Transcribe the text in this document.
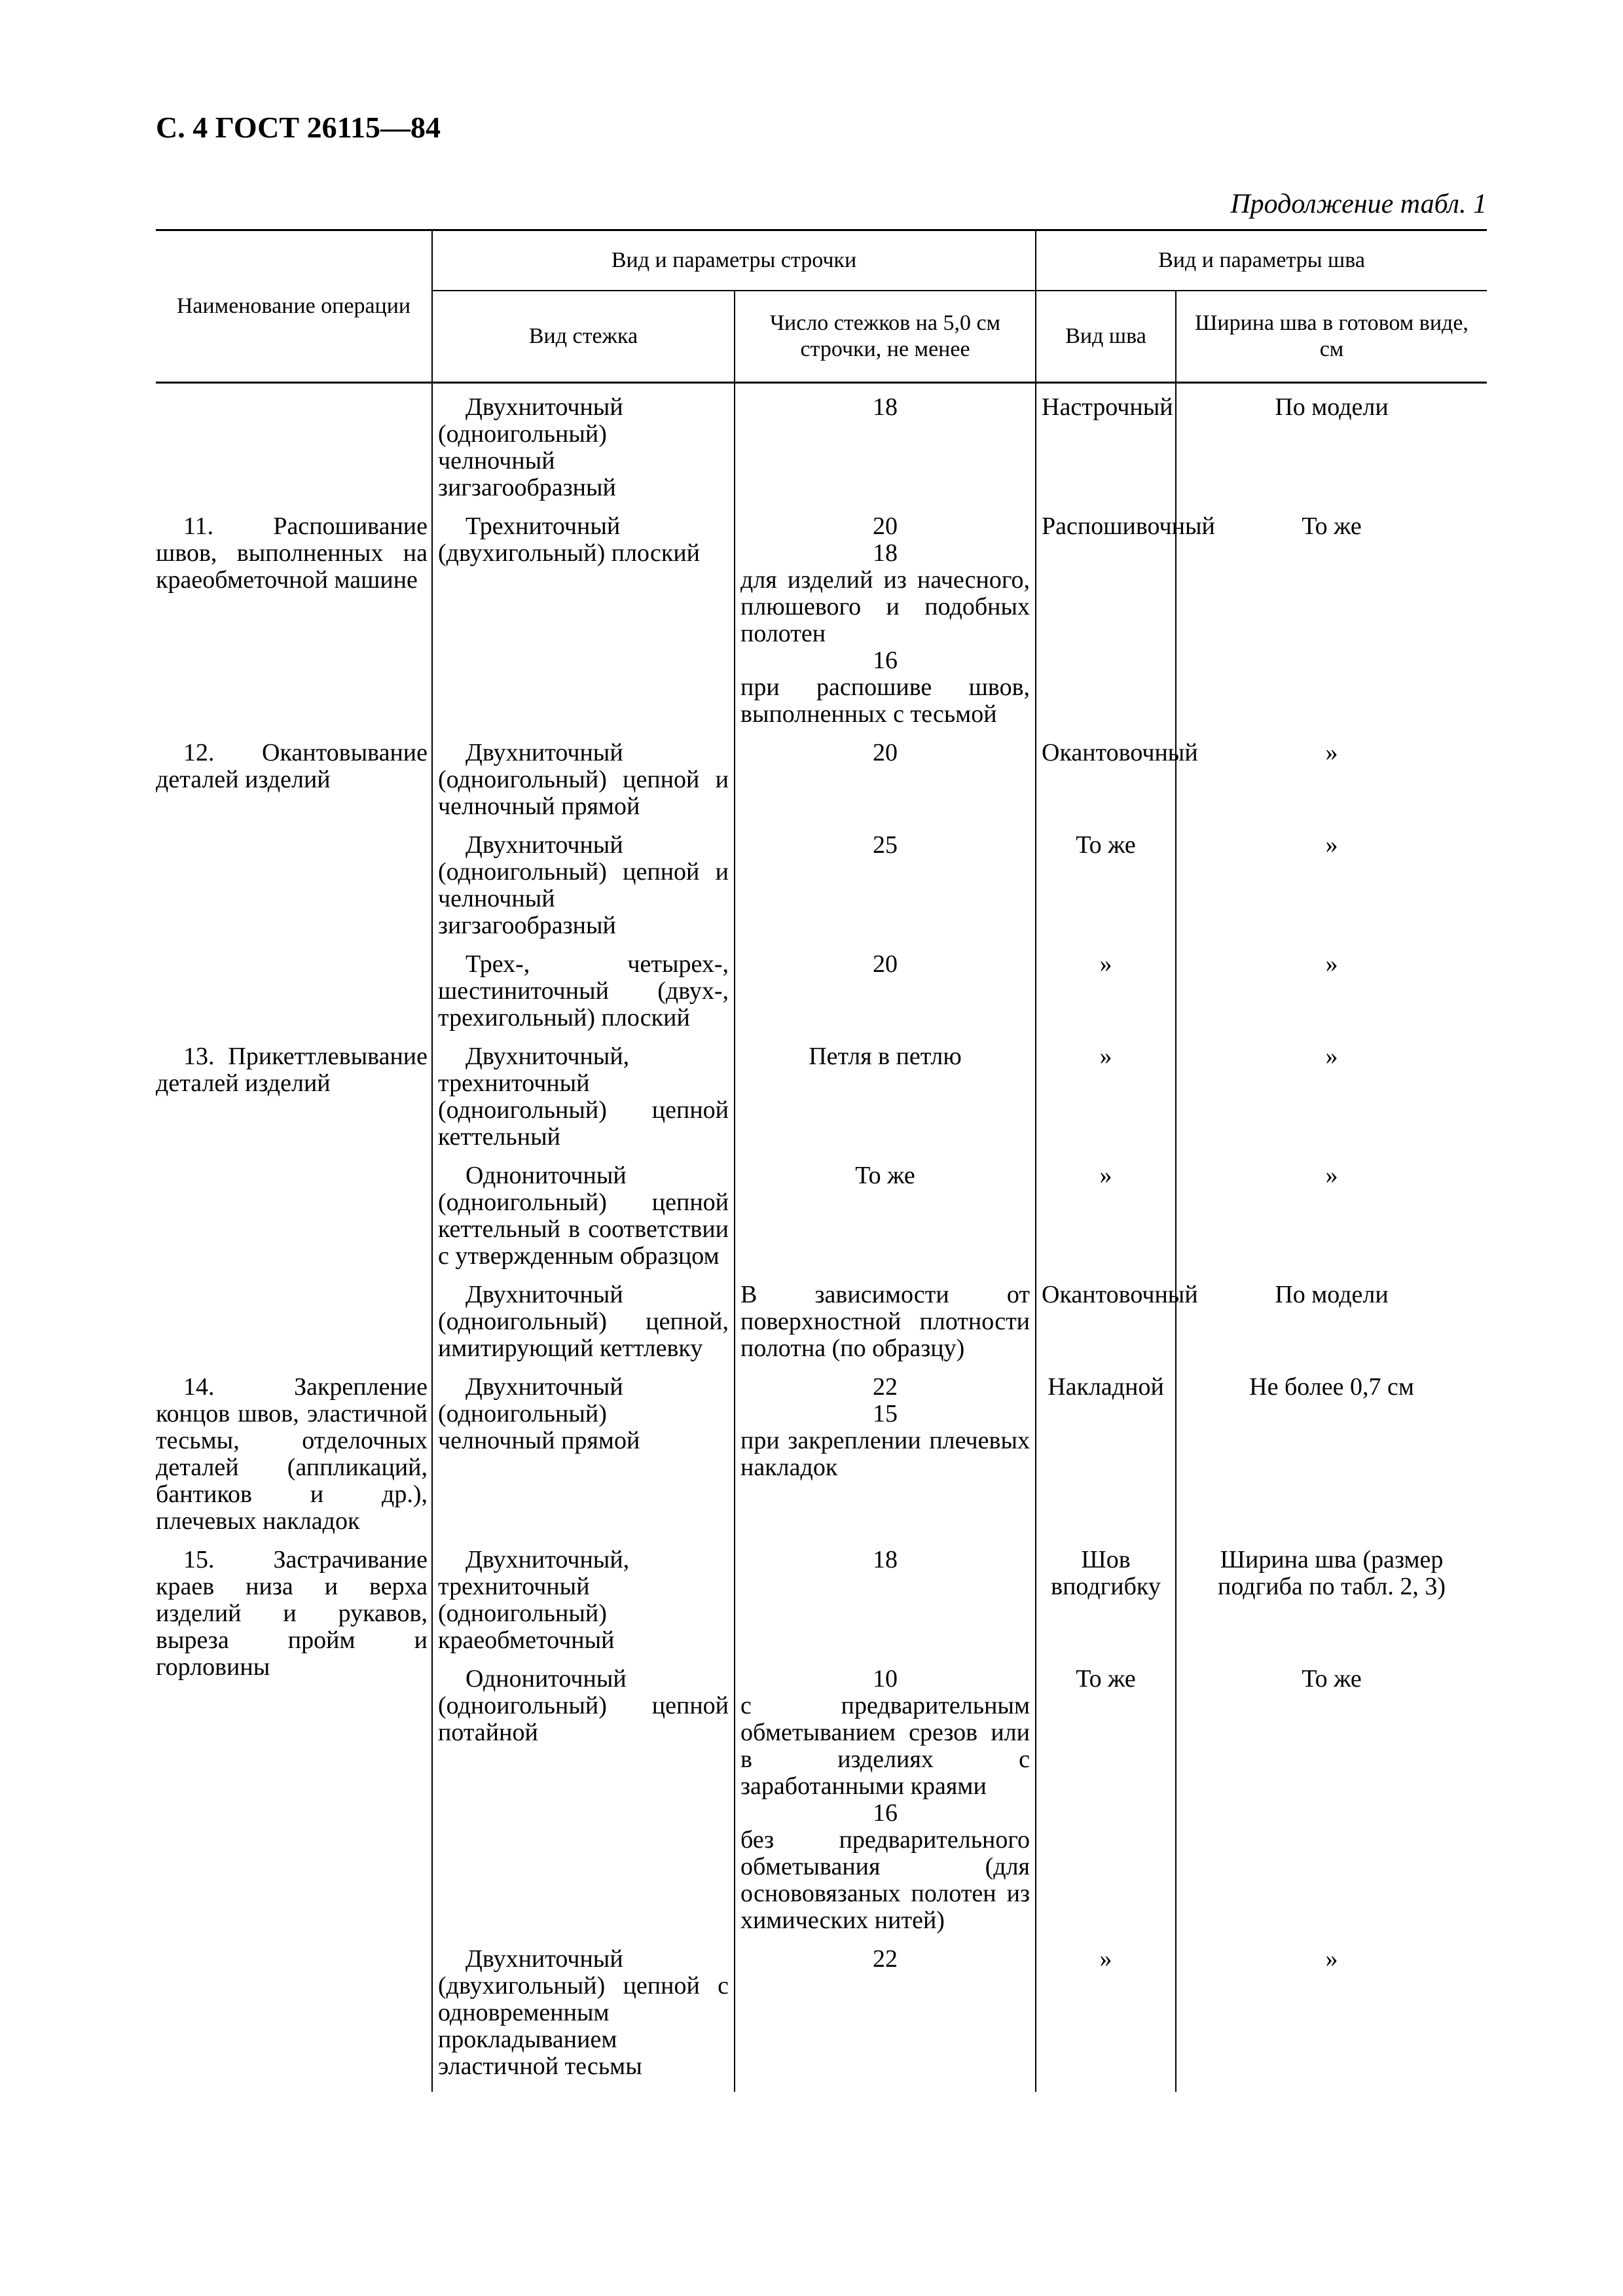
С. 4 ГОСТ 26115—84
Продолжение табл. 1
Наименование операции	Вид и параметры строчки		Вид и параметры шва	
	Вид стежка	Число стежков на 5,0 см строчки, не менее	Вид шва	Ширина шва в готовом виде, см
	Двухниточный (одноигольный) челночный зигзагообразный	18	Настрочный	По модели
11. Распошивание швов, выполненных на краеобметочной машине	Трехниточный (двухигольный) плоский	20
18
для изделий из начесного, плюшевого и подобных полотен
16
при распошиве швов, выполненных с тесьмой	Распошивочный	То же
12. Окантовывание деталей изделий	Двухниточный (одноигольный) цепной и челночный прямой	20	Окантовочный	»
	Двухниточный (одноигольный) цепной и челночный зигзагообразный	25	То же	»
	Трех-, четырех-, шестиниточный (двух-, трехигольный) плоский	20	»	»
13. Прикеттлевывание деталей изделий	Двухниточный, трехниточный (одноигольный) цепной кеттельный	Петля в петлю	»	»
	Однониточный (одноигольный) цепной кеттельный в соответствии с утвержденным образцом	То же	»	»
	Двухниточный (одноигольный) цепной, имитирующий кеттлевку	В зависимости от поверхностной плотности полотна (по образцу)	Окантовочный	По модели
14. Закрепление концов швов, эластичной тесьмы, отделочных деталей (аппликаций, бантиков и др.), плечевых накладок	Двухниточный (одноигольный) челночный прямой	22
15
при закреплении плечевых накладок	Накладной	Не более 0,7 см
15. Застрачивание краев низа и верха изделий и рукавов, выреза пройм и горловины	Двухниточный, трехниточный (одноигольный) краеобметочный	18	Шов вподгибку	Ширина шва (размер подгиба по табл. 2, 3)
	Однониточный (одноигольный) цепной потайной	10
с предварительным обметыванием срезов или в изделиях с заработанными краями
16
без предварительного обметывания (для основовязаных полотен из химических нитей)	То же	То же
	Двухниточный (двухигольный) цепной с одновременным прокладыванием эластичной тесьмы	22	»	»
